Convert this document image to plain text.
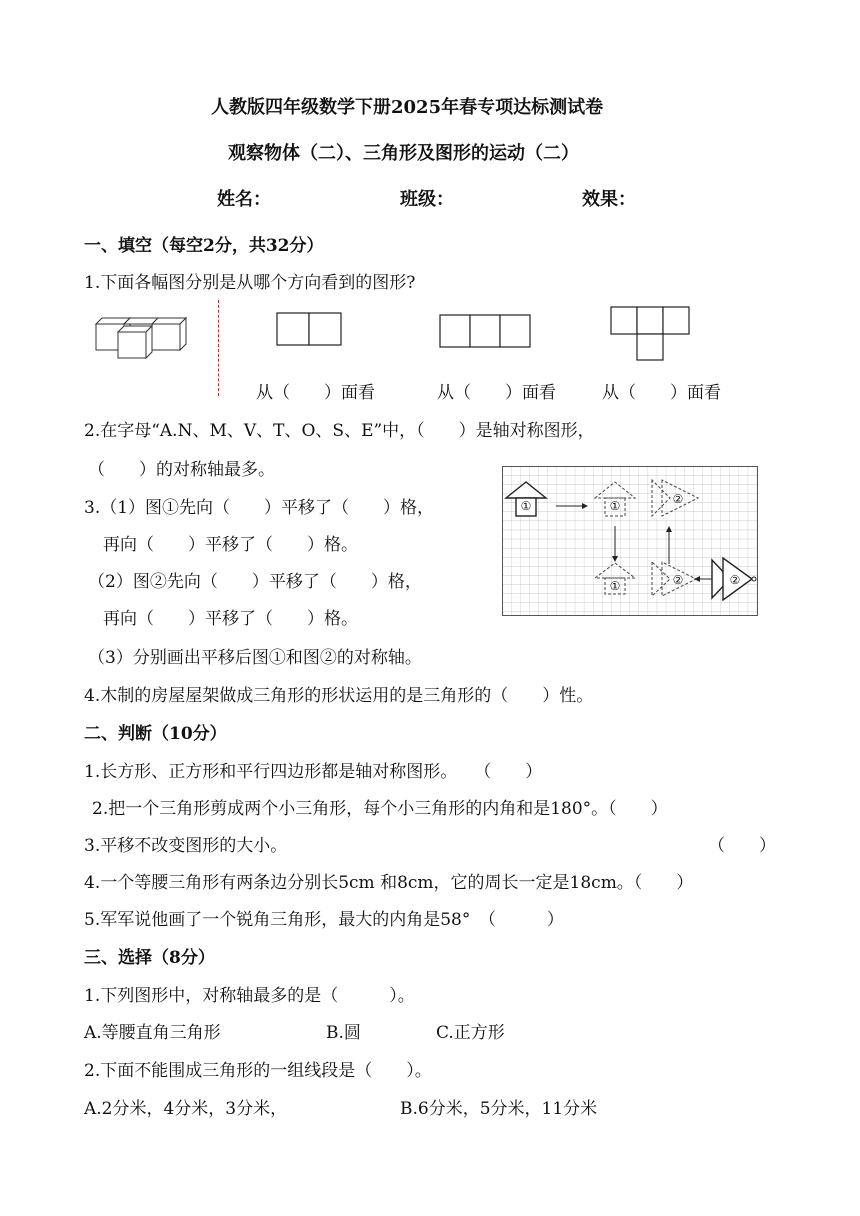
人教版四年级数学下册2025年春专项达标测试卷
观察物体（二）、三角形及图形的运动（二）
姓名：	班级：	效果：
一、填空（每空2分，共32分）
1.下面各幅图分别是从哪个方向看到的图形?
从（　　）面看	从（　　）面看	从（　　）面看
2.在字母“A.N、M、V、T、O、S、E”中，（　　）是轴对称图形，
（　　）的对称轴最多。
3.（1）图①先向（　　）平移了（　　）格，
再向（　　）平移了（　　）格。
（2）图②先向（　　）平移了（　　）格，
再向（　　）平移了（　　）格。
（3）分别画出平移后图①和图②的对称轴。
①	①
①
②
②	②
4.木制的房屋屋架做成三角形的形状运用的是三角形的（　　）性。
二、判断（10分）
1.长方形、正方形和平行四边形都是轴对称图形。　　（　　）
2.把一个三角形剪成两个小三角形，每个小三角形的内角和是180°。（　　）
3.平移不改变图形的大小。	（　　）
4.一个等腰三角形有两条边分别长5cm 和8cm，它的周长一定是18cm。（　　）
5.军军说他画了一个锐角三角形，最大的内角是58°　（　　　）
三、选择（8分）
1.下列图形中，对称轴最多的是（　　　）。
A.等腰直角三角形	B.圆	C.正方形
2.下面不能围成三角形的一组线段是（　　）。
A.2分米，4分米，3分米，	B.6分米，5分米，11分米
